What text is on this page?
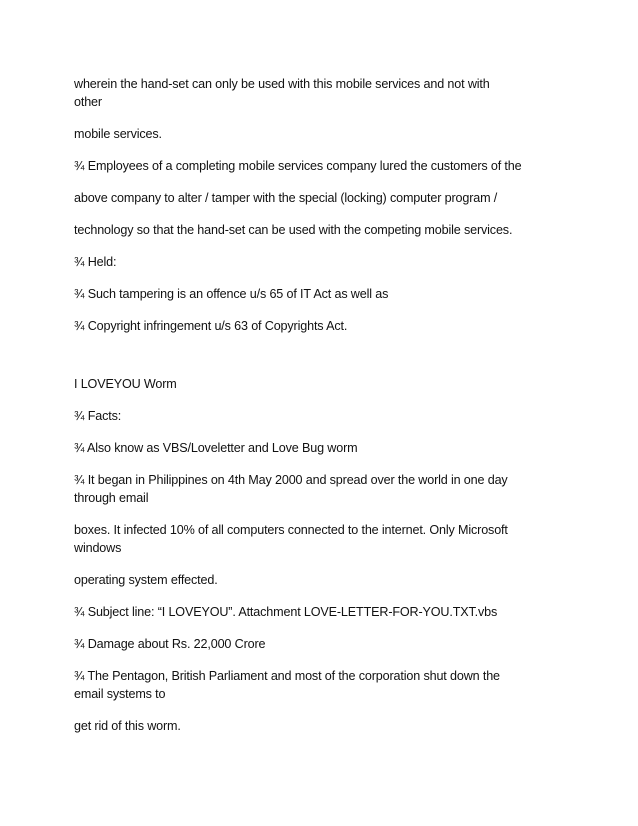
wherein the hand-set can only be used with this mobile services and not with
other
mobile services.
¾ Employees of a completing mobile services company lured the customers of the
above company to alter / tamper with the special (locking) computer program /
technology so that the hand-set can be used with the competing mobile services.
¾ Held:
¾ Such tampering is an offence u/s 65 of IT Act as well as
¾ Copyright infringement u/s 63 of Copyrights Act.
I LOVEYOU Worm
¾ Facts:
¾ Also know as VBS/Loveletter and Love Bug worm
¾ It began in Philippines on 4th May 2000 and spread over the world in one day
through email
boxes. It infected 10% of all computers connected to the internet. Only Microsoft
windows
operating system effected.
¾ Subject line: “I LOVEYOU”. Attachment LOVE-LETTER-FOR-YOU.TXT.vbs
¾ Damage about Rs. 22,000 Crore
¾ The Pentagon, British Parliament and most of the corporation shut down the
email systems to
get rid of this worm.
